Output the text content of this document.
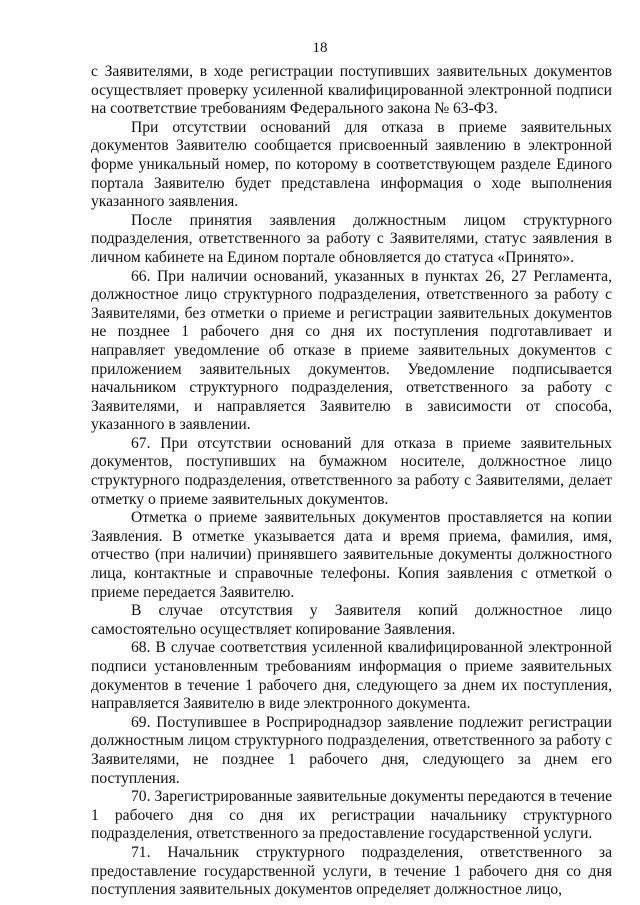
18

с Заявителями, в ходе регистрации поступивших заявительных документов осуществляет проверку усиленной квалифицированной электронной подписи на соответствие требованиям Федерального закона № 63-ФЗ.

При отсутствии оснований для отказа в приеме заявительных документов Заявителю сообщается присвоенный заявлению в электронной форме уникальный номер, по которому в соответствующем разделе Единого портала Заявителю будет представлена информация о ходе выполнения указанного заявления.

После принятия заявления должностным лицом структурного подразделения, ответственного за работу с Заявителями, статус заявления в личном кабинете на Едином портале обновляется до статуса «Принято».

66. При наличии оснований, указанных в пунктах 26, 27 Регламента, должностное лицо структурного подразделения, ответственного за работу с Заявителями, без отметки о приеме и регистрации заявительных документов не позднее 1 рабочего дня со дня их поступления подготавливает и направляет уведомление об отказе в приеме заявительных документов с приложением заявительных документов. Уведомление подписывается начальником структурного подразделения, ответственного за работу с Заявителями, и направляется Заявителю в зависимости от способа, указанного в заявлении.

67. При отсутствии оснований для отказа в приеме заявительных документов, поступивших на бумажном носителе, должностное лицо структурного подразделения, ответственного за работу с Заявителями, делает отметку о приеме заявительных документов.

Отметка о приеме заявительных документов проставляется на копии Заявления. В отметке указывается дата и время приема, фамилия, имя, отчество (при наличии) принявшего заявительные документы должностного лица, контактные и справочные телефоны. Копия заявления с отметкой о приеме передается Заявителю.

В случае отсутствия у Заявителя копий должностное лицо самостоятельно осуществляет копирование Заявления.

68. В случае соответствия усиленной квалифицированной электронной подписи установленным требованиям информация о приеме заявительных документов в течение 1 рабочего дня, следующего за днем их поступления, направляется Заявителю в виде электронного документа.

69. Поступившее в Росприроднадзор заявление подлежит регистрации должностным лицом структурного подразделения, ответственного за работу с Заявителями, не позднее 1 рабочего дня, следующего за днем его поступления.

70. Зарегистрированные заявительные документы передаются в течение 1 рабочего дня со дня их регистрации начальнику структурного подразделения, ответственного за предоставление государственной услуги.

71. Начальник структурного подразделения, ответственного за предоставление государственной услуги, в течение 1 рабочего дня со дня поступления заявительных документов определяет должностное лицо,
